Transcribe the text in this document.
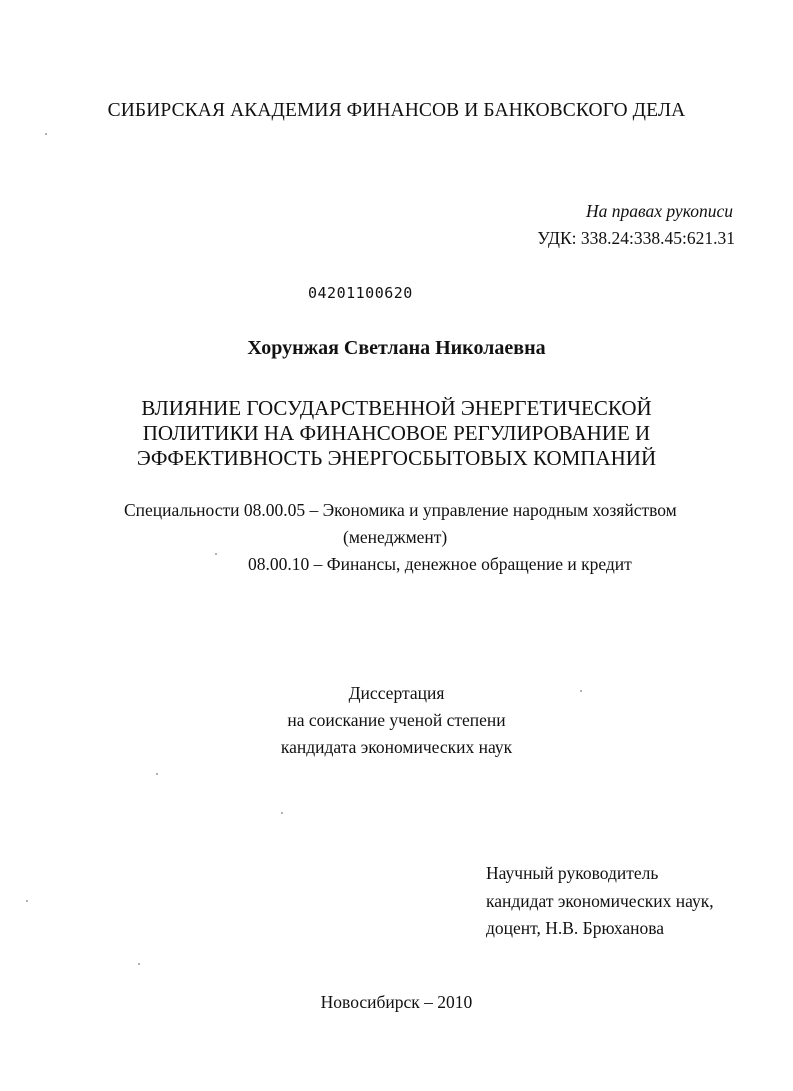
СИБИРСКАЯ АКАДЕМИЯ ФИНАНСОВ И БАНКОВСКОГО ДЕЛА
На правах рукописи
УДК: 338.24:338.45:621.31
04201100620
Хорунжая Светлана Николаевна
ВЛИЯНИЕ ГОСУДАРСТВЕННОЙ ЭНЕРГЕТИЧЕСКОЙ
ПОЛИТИКИ НА ФИНАНСОВОЕ РЕГУЛИРОВАНИЕ И
ЭФФЕКТИВНОСТЬ ЭНЕРГОСБЫТОВЫХ КОМПАНИЙ
Специальности 08.00.05 – Экономика и управление народным хозяйством
(менеджмент)
08.00.10 – Финансы, денежное обращение и кредит
Диссертация
на соискание ученой степени
кандидата экономических наук
Научный руководитель
кандидат экономических наук,
доцент, Н.В. Брюханова
Новосибирск – 2010
